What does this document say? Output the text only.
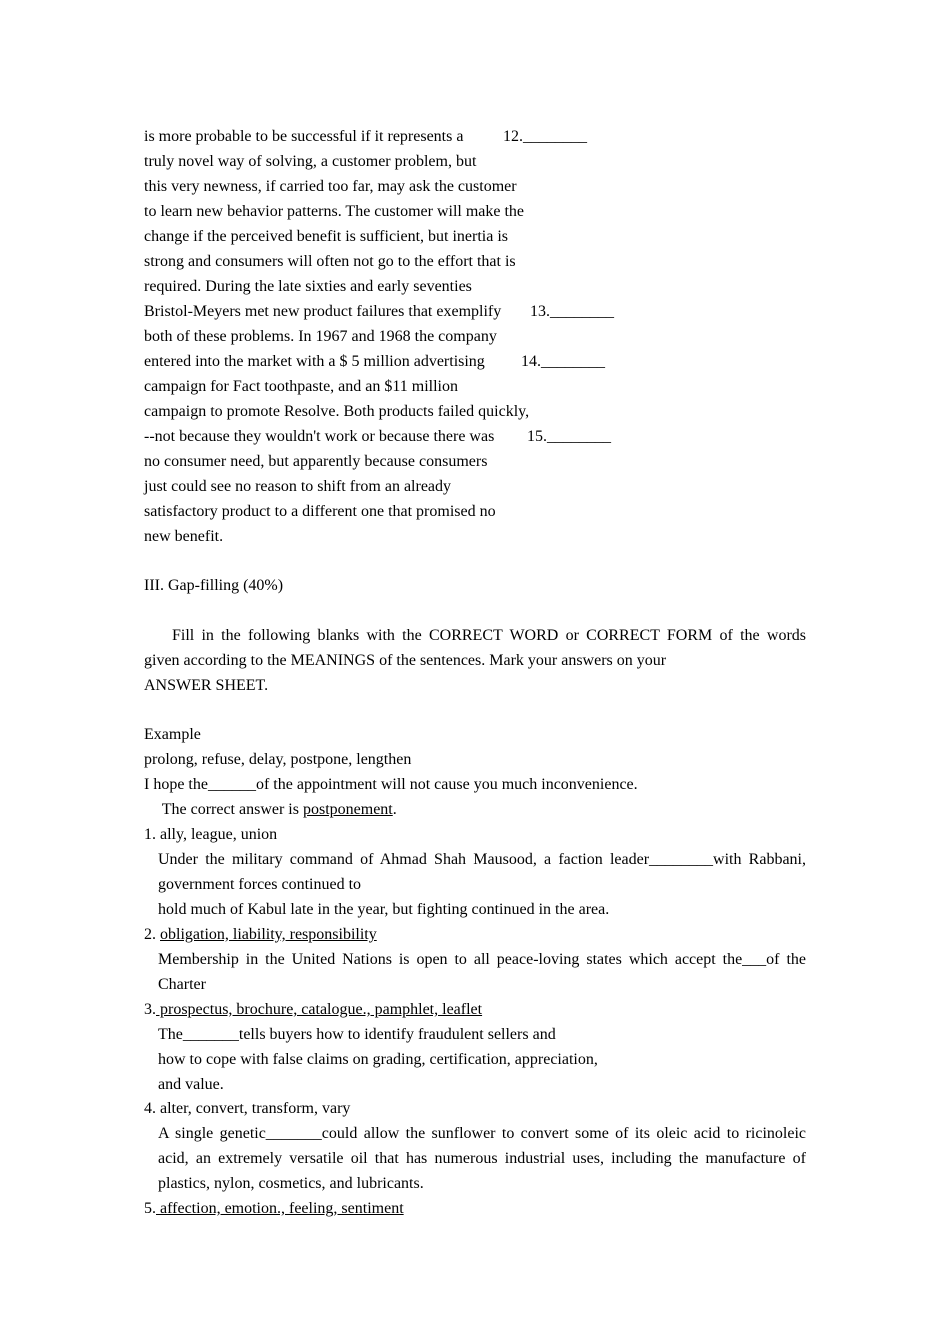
is more probable to be successful if it represents a 12.________
truly novel way of solving, a customer problem, but
this very newness, if carried too far, may ask the customer
to learn new behavior patterns. The customer will make the
change if the perceived benefit is sufficient, but inertia is
strong and consumers will often not go to the effort that is
required. During the late sixties and early seventies
Bristol-Meyers met new product failures that exemplify 13.________
both of these problems. In 1967 and 1968 the company
entered into the market with a $ 5 million advertising 14.________
campaign for Fact toothpaste, and an $11 million
campaign to promote Resolve. Both products failed quickly,
--not because they wouldn't work or because there was 15.________
no consumer need, but apparently because consumers
just could see no reason to shift from an already
satisfactory product to a different one that promised no
new benefit.
III. Gap-filling (40%)
Fill in the following blanks with the CORRECT WORD or CORRECT FORM of the words
given according to the MEANINGS of the sentences. Mark your answers on your
ANSWER SHEET.
Example
prolong, refuse, delay, postpone, lengthen
I hope the______of the appointment will not cause you much inconvenience.
The correct answer is postponement.
1. ally, league, union
Under the military command of Ahmad Shah Mausood, a faction leader________with Rabbani,
government forces continued to
hold much of Kabul late in the year, but fighting continued in the area.
2. obligation, liability, responsibility
Membership in the United Nations is open to all peace-loving states which accept the___of the
Charter
3. prospectus, brochure, catalogue., pamphlet, leaflet
The_______tells buyers how to identify fraudulent sellers and
how to cope with false claims on grading, certification, appreciation,
and value.
4. alter, convert, transform, vary
A single genetic_______could allow the sunflower to convert some of its oleic acid to ricinoleic
acid, an extremely versatile oil that has numerous industrial uses, including the manufacture of
plastics, nylon, cosmetics, and lubricants.
5. affection, emotion., feeling, sentiment
